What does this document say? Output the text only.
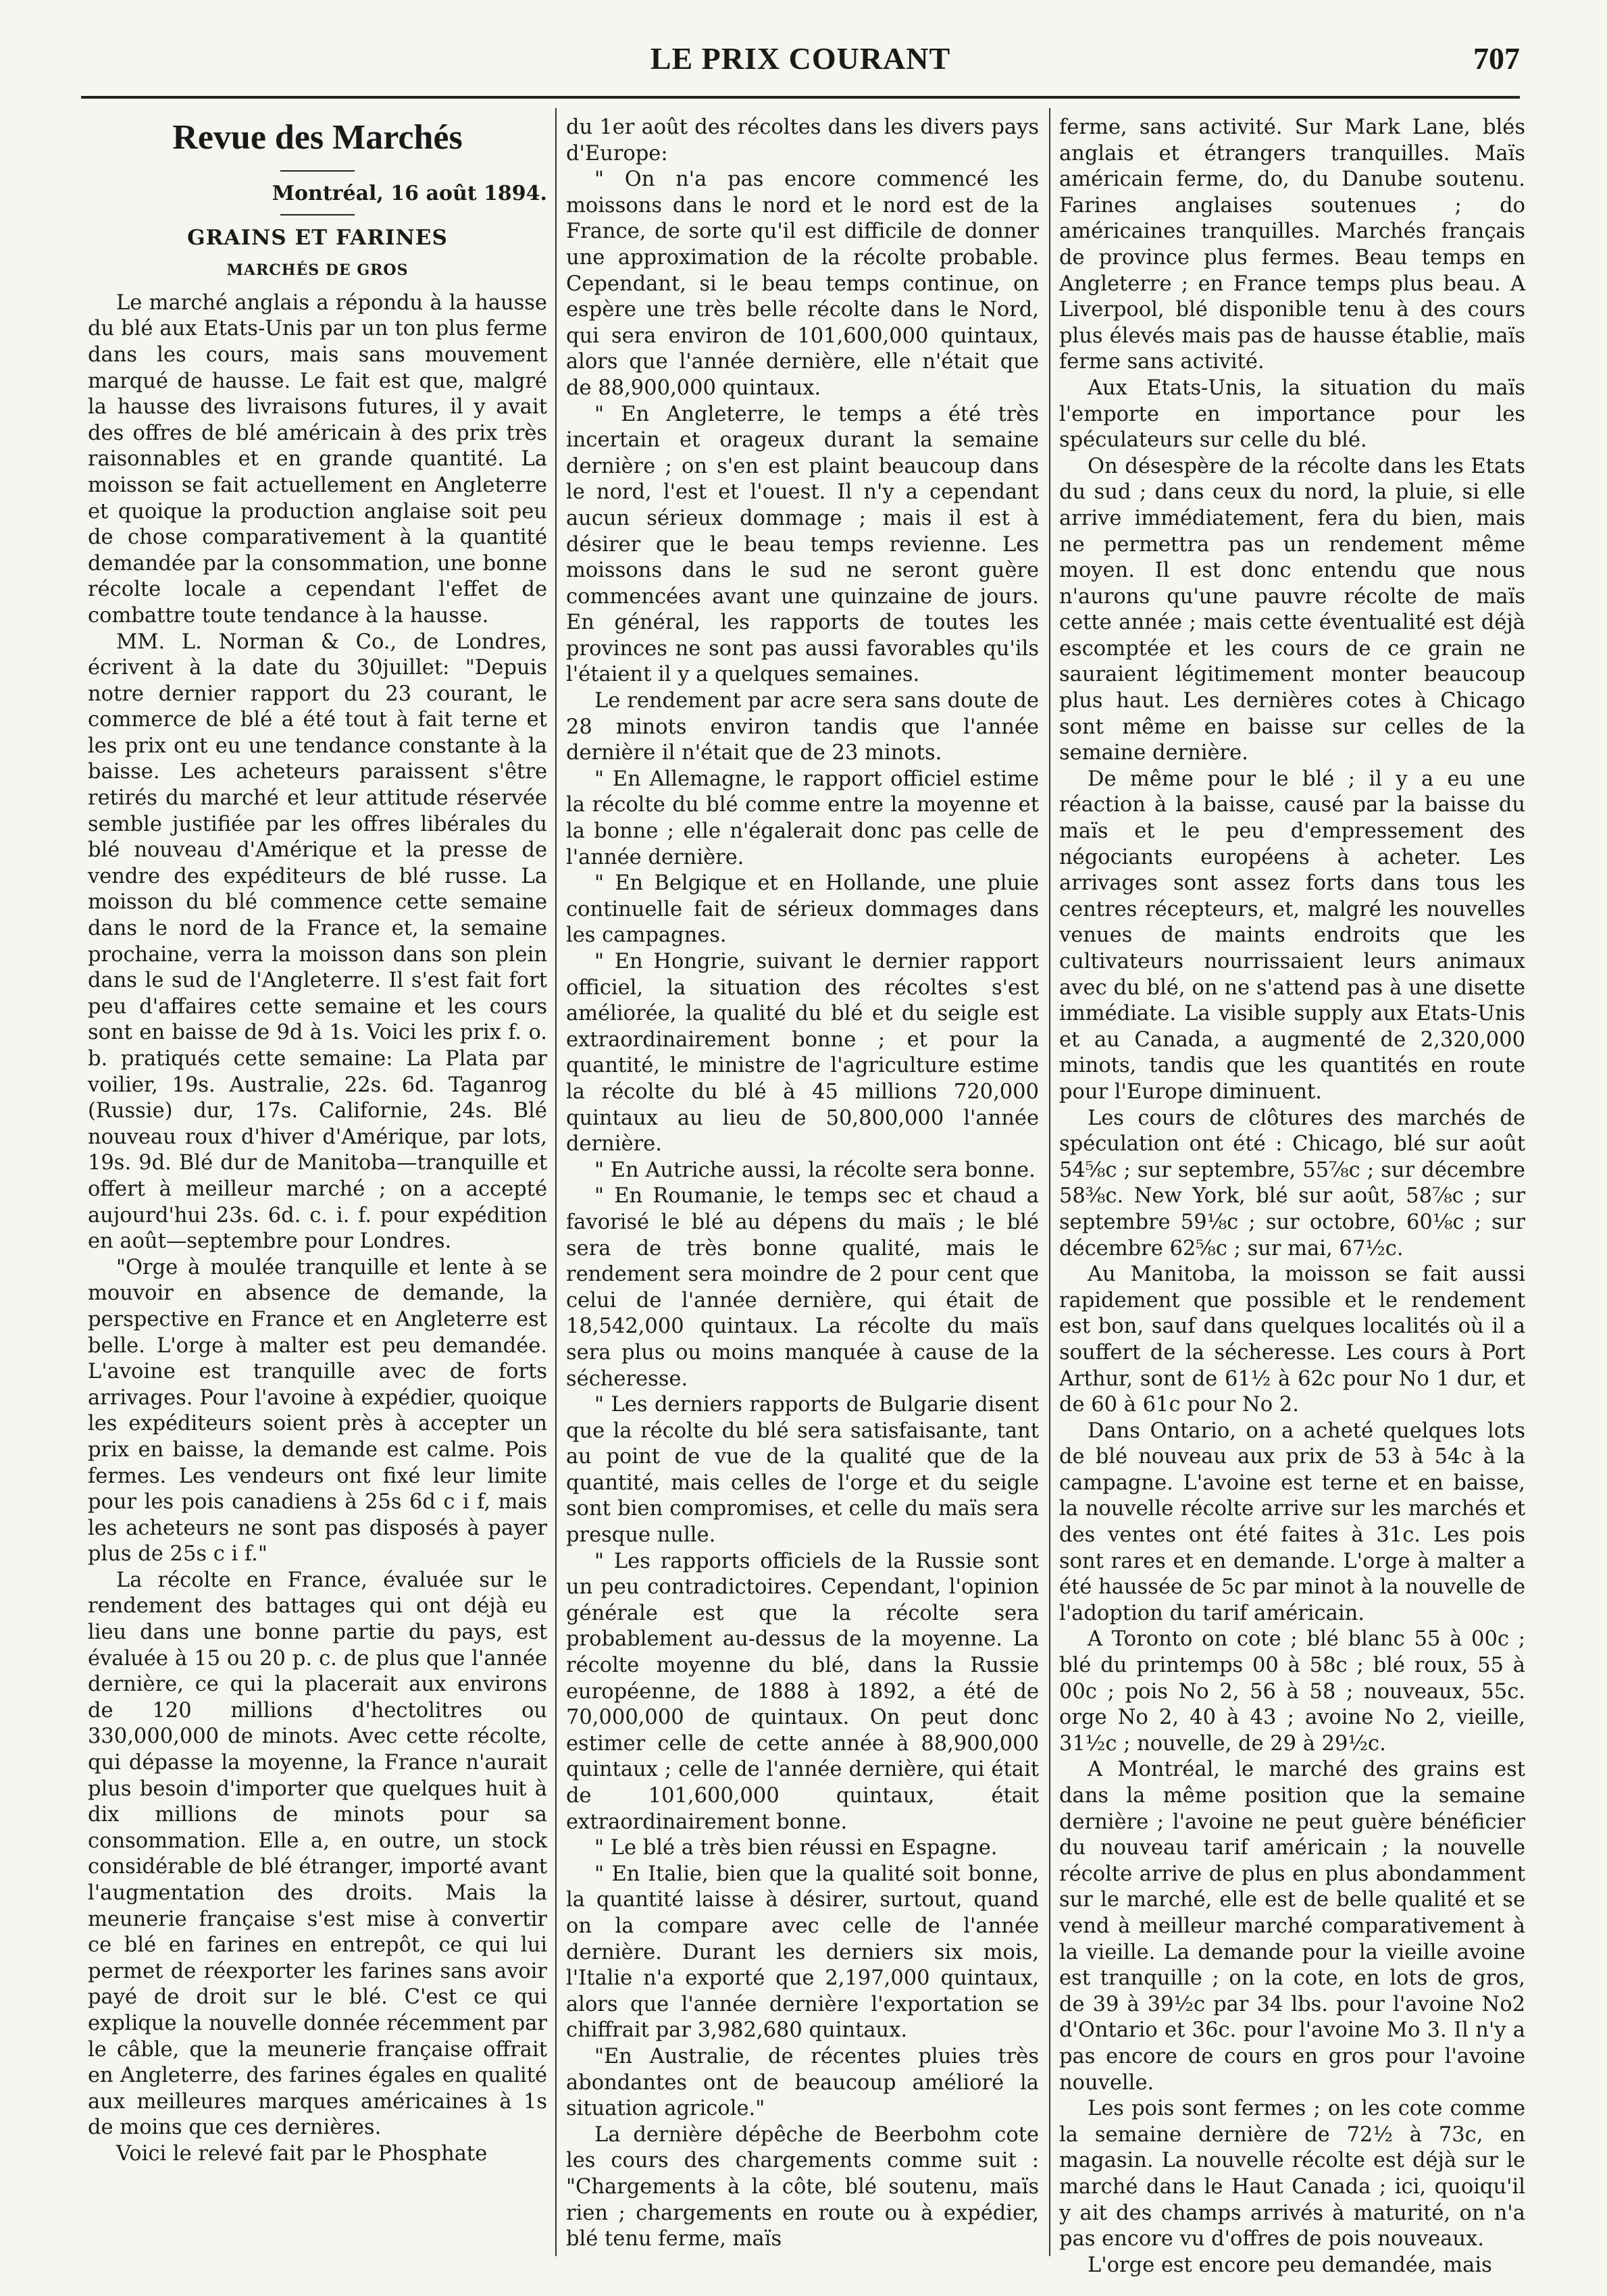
LE PRIX COURANT	707
Revue des Marchés
Montréal, 16 août 1894.
GRAINS ET FARINES
MARCHÉS DE GROS

Le marché anglais a répondu à la hausse du blé aux Etats-Unis par un ton plus ferme dans les cours, mais sans mouvement marqué de hausse. Le fait est que, malgré la hausse des livraisons futures, il y avait des offres de blé américain à des prix très raisonnables et en grande quantité. La moisson se fait actuellement en Angleterre et quoique la production anglaise soit peu de chose comparativement à la quantité demandée par la consommation, une bonne récolte locale a cependant l'effet de combattre toute tendance à la hausse.

MM. L. Norman & Co., de Londres, écrivent à la date du 30juillet: "Depuis notre dernier rapport du 23 courant, le commerce de blé a été tout à fait terne et les prix ont eu une tendance constante à la baisse. Les acheteurs paraissent s'être retirés du marché et leur attitude réservée semble justifiée par les offres libérales du blé nouveau d'Amérique et la presse de vendre des expéditeurs de blé russe. La moisson du blé commence cette semaine dans le nord de la France et, la semaine prochaine, verra la moisson dans son plein dans le sud de l'Angleterre. Il s'est fait fort peu d'affaires cette semaine et les cours sont en baisse de 9d à 1s. Voici les prix f. o. b. pratiqués cette semaine: La Plata par voilier, 19s. Australie, 22s. 6d. Taganrog (Russie) dur, 17s. Californie, 24s. Blé nouveau roux d'hiver d'Amérique, par lots, 19s. 9d. Blé dur de Manitoba—tranquille et offert à meilleur marché ; on a accepté aujourd'hui 23s. 6d. c. i. f. pour expédition en août—septembre pour Londres.

"Orge à moulée tranquille et lente à se mouvoir en absence de demande, la perspective en France et en Angleterre est belle. L'orge à malter est peu demandée. L'avoine est tranquille avec de forts arrivages. Pour l'avoine à expédier, quoique les expéditeurs soient près à accepter un prix en baisse, la demande est calme. Pois fermes. Les vendeurs ont fixé leur limite pour les pois canadiens à 25s 6d c i f, mais les acheteurs ne sont pas disposés à payer plus de 25s c i f."

La récolte en France, évaluée sur le rendement des battages qui ont déjà eu lieu dans une bonne partie du pays, est évaluée à 15 ou 20 p. c. de plus que l'année dernière, ce qui la placerait aux environs de 120 millions d'hectolitres ou 330,000,000 de minots. Avec cette récolte, qui dépasse la moyenne, la France n'aurait plus besoin d'importer que quelques huit à dix millions de minots pour sa consommation. Elle a, en outre, un stock considérable de blé étranger, importé avant l'augmentation des droits. Mais la meunerie française s'est mise à convertir ce blé en farines en entrepôt, ce qui lui permet de réexporter les farines sans avoir payé de droit sur le blé. C'est ce qui explique la nouvelle donnée récemment par le câble, que la meunerie française offrait en Angleterre, des farines égales en qualité aux meilleures marques américaines à 1s de moins que ces dernières.

Voici le relevé fait par le Phosphate

du 1er août des récoltes dans les divers pays d'Europe:

" On n'a pas encore commencé les moissons dans le nord et le nord est de la France, de sorte qu'il est difficile de donner une approximation de la récolte probable. Cependant, si le beau temps continue, on espère une très belle récolte dans le Nord, qui sera environ de 101,600,000 quintaux, alors que l'année dernière, elle n'était que de 88,900,000 quintaux.

" En Angleterre, le temps a été très incertain et orageux durant la semaine dernière ; on s'en est plaint beaucoup dans le nord, l'est et l'ouest. Il n'y a cependant aucun sérieux dommage ; mais il est à désirer que le beau temps revienne. Les moissons dans le sud ne seront guère commencées avant une quinzaine de jours. En général, les rapports de toutes les provinces ne sont pas aussi favorables qu'ils l'étaient il y a quelques semaines.

Le rendement par acre sera sans doute de 28 minots environ tandis que l'année dernière il n'était que de 23 minots.

" En Allemagne, le rapport officiel estime la récolte du blé comme entre la moyenne et la bonne ; elle n'égalerait donc pas celle de l'année dernière.

" En Belgique et en Hollande, une pluie continuelle fait de sérieux dommages dans les campagnes.

" En Hongrie, suivant le dernier rapport officiel, la situation des récoltes s'est améliorée, la qualité du blé et du seigle est extraordinairement bonne ; et pour la quantité, le ministre de l'agriculture estime la récolte du blé à 45 millions 720,000 quintaux au lieu de 50,800,000 l'année dernière.

" En Autriche aussi, la récolte sera bonne.

" En Roumanie, le temps sec et chaud a favorisé le blé au dépens du maïs ; le blé sera de très bonne qualité, mais le rendement sera moindre de 2 pour cent que celui de l'année dernière, qui était de 18,542,000 quintaux. La récolte du maïs sera plus ou moins manquée à cause de la sécheresse.

" Les derniers rapports de Bulgarie disent que la récolte du blé sera satisfaisante, tant au point de vue de la qualité que de la quantité, mais celles de l'orge et du seigle sont bien compromises, et celle du maïs sera presque nulle.

" Les rapports officiels de la Russie sont un peu contradictoires. Cependant, l'opinion générale est que la récolte sera probablement au-dessus de la moyenne. La récolte moyenne du blé, dans la Russie européenne, de 1888 à 1892, a été de 70,000,000 de quintaux. On peut donc estimer celle de cette année à 88,900,000 quintaux ; celle de l'année dernière, qui était de 101,600,000 quintaux, était extraordinairement bonne.

" Le blé a très bien réussi en Espagne.

" En Italie, bien que la qualité soit bonne, la quantité laisse à désirer, surtout, quand on la compare avec celle de l'année dernière. Durant les derniers six mois, l'Italie n'a exporté que 2,197,000 quintaux, alors que l'année dernière l'exportation se chiffrait par 3,982,680 quintaux.

"En Australie, de récentes pluies très abondantes ont de beaucoup amélioré la situation agricole."

La dernière dépêche de Beerbohm cote les cours des chargements comme suit : "Chargements à la côte, blé soutenu, maïs rien ; chargements en route ou à expédier, blé tenu ferme, maïs

ferme, sans activité. Sur Mark Lane, blés anglais et étrangers tranquilles. Maïs américain ferme, do, du Danube soutenu. Farines anglaises soutenues ; do américaines tranquilles. Marchés français de province plus fermes. Beau temps en Angleterre ; en France temps plus beau. A Liverpool, blé disponible tenu à des cours plus élevés mais pas de hausse établie, maïs ferme sans activité.

Aux Etats-Unis, la situation du maïs l'emporte en importance pour les spéculateurs sur celle du blé.

On désespère de la récolte dans les Etats du sud ; dans ceux du nord, la pluie, si elle arrive immédiatement, fera du bien, mais ne permettra pas un rendement même moyen. Il est donc entendu que nous n'aurons qu'une pauvre récolte de maïs cette année ; mais cette éventualité est déjà escomptée et les cours de ce grain ne sauraient légitimement monter beaucoup plus haut. Les dernières cotes à Chicago sont même en baisse sur celles de la semaine dernière.

De même pour le blé ; il y a eu une réaction à la baisse, causé par la baisse du maïs et le peu d'empressement des négociants européens à acheter. Les arrivages sont assez forts dans tous les centres récepteurs, et, malgré les nouvelles venues de maints endroits que les cultivateurs nourrissaient leurs animaux avec du blé, on ne s'attend pas à une disette immédiate. La visible supply aux Etats-Unis et au Canada, a augmenté de 2,320,000 minots, tandis que les quantités en route pour l'Europe diminuent.

Les cours de clôtures des marchés de spéculation ont été : Chicago, blé sur août 54⅝c ; sur septembre, 55⅞c ; sur décembre 58⅜c. New York, blé sur août, 58⅞c ; sur septembre 59⅛c ; sur octobre, 60⅛c ; sur décembre 62⅝c ; sur mai, 67½c.

Au Manitoba, la moisson se fait aussi rapidement que possible et le rendement est bon, sauf dans quelques localités où il a souffert de la sécheresse. Les cours à Port Arthur, sont de 61½ à 62c pour No 1 dur, et de 60 à 61c pour No 2.

Dans Ontario, on a acheté quelques lots de blé nouveau aux prix de 53 à 54c à la campagne. L'avoine est terne et en baisse, la nouvelle récolte arrive sur les marchés et des ventes ont été faites à 31c. Les pois sont rares et en demande. L'orge à malter a été haussée de 5c par minot à la nouvelle de l'adoption du tarif américain.

A Toronto on cote ; blé blanc 55 à 00c ; blé du printemps 00 à 58c ; blé roux, 55 à 00c ; pois No 2, 56 à 58 ; nouveaux, 55c. orge No 2, 40 à 43 ; avoine No 2, vieille, 31½c ; nouvelle, de 29 à 29½c.

A Montréal, le marché des grains est dans la même position que la semaine dernière ; l'avoine ne peut guère bénéficier du nouveau tarif américain ; la nouvelle récolte arrive de plus en plus abondamment sur le marché, elle est de belle qualité et se vend à meilleur marché comparativement à la vieille. La demande pour la vieille avoine est tranquille ; on la cote, en lots de gros, de 39 à 39½c par 34 lbs. pour l'avoine No2 d'Ontario et 36c. pour l'avoine Mo 3. Il n'y a pas encore de cours en gros pour l'avoine nouvelle.

Les pois sont fermes ; on les cote comme la semaine dernière de 72½ à 73c, en magasin. La nouvelle récolte est déjà sur le marché dans le Haut Canada ; ici, quoiqu'il y ait des champs arrivés à maturité, on n'a pas encore vu d'offres de pois nouveaux.

L'orge est encore peu demandée, mais
